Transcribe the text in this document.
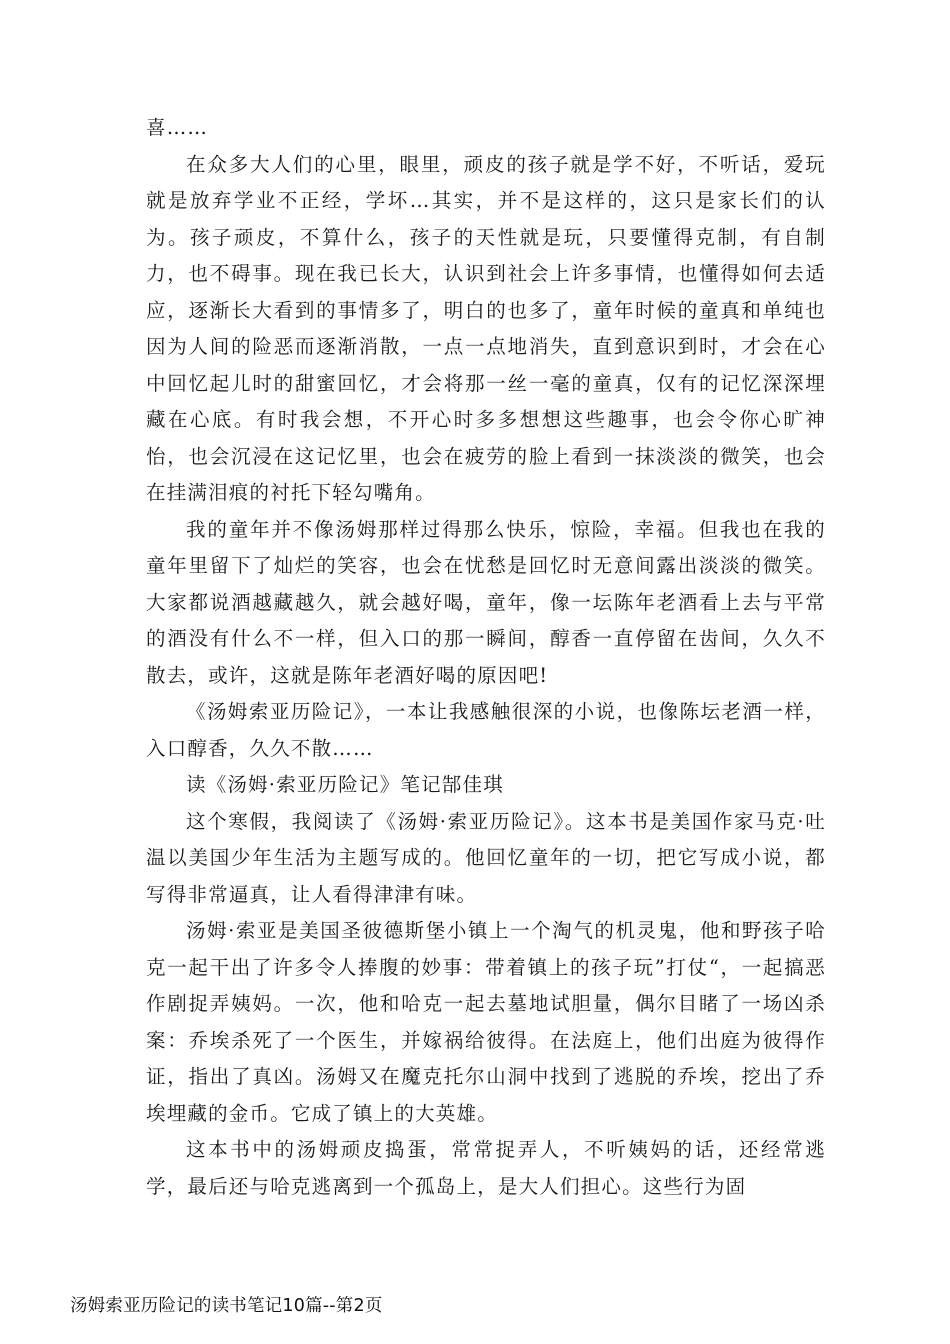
喜……

在众多大人们的心里，眼里，顽皮的孩子就是学不好，不听话，爱玩就是放弃学业不正经，学坏…其实，并不是这样的，这只是家长们的认为。孩子顽皮，不算什么，孩子的天性就是玩，只要懂得克制，有自制力，也不碍事。现在我已长大，认识到社会上许多事情，也懂得如何去适应，逐渐长大看到的事情多了，明白的也多了，童年时候的童真和单纯也因为人间的险恶而逐渐消散，一点一点地消失，直到意识到时，才会在心中回忆起儿时的甜蜜回忆，才会将那一丝一毫的童真，仅有的记忆深深埋藏在心底。有时我会想，不开心时多多想想这些趣事，也会令你心旷神怡，也会沉浸在这记忆里，也会在疲劳的脸上看到一抹淡淡的微笑，也会在挂满泪痕的衬托下轻勾嘴角。

我的童年并不像汤姆那样过得那么快乐，惊险，幸福。但我也在我的童年里留下了灿烂的笑容，也会在忧愁是回忆时无意间露出淡淡的微笑。大家都说酒越藏越久，就会越好喝，童年，像一坛陈年老酒看上去与平常的酒没有什么不一样，但入口的那一瞬间，醇香一直停留在齿间，久久不散去，或许，这就是陈年老酒好喝的原因吧!

《汤姆索亚历险记》，一本让我感触很深的小说，也像陈坛老酒一样，入口醇香，久久不散……

读《汤姆·索亚历险记》笔记郜佳琪

这个寒假，我阅读了《汤姆·索亚历险记》。这本书是美国作家马克·吐温以美国少年生活为主题写成的。他回忆童年的一切，把它写成小说，都写得非常逼真，让人看得津津有味。

汤姆·索亚是美国圣彼德斯堡小镇上一个淘气的机灵鬼，他和野孩子哈克一起干出了许多令人捧腹的妙事：带着镇上的孩子玩”打仗“，一起搞恶作剧捉弄姨妈。一次，他和哈克一起去墓地试胆量，偶尔目睹了一场凶杀案：乔埃杀死了一个医生，并嫁祸给彼得。在法庭上，他们出庭为彼得作证，指出了真凶。汤姆又在魔克托尔山洞中找到了逃脱的乔埃，挖出了乔埃埋藏的金币。它成了镇上的大英雄。

这本书中的汤姆顽皮捣蛋，常常捉弄人，不听姨妈的话，还经常逃学，最后还与哈克逃离到一个孤岛上，是大人们担心。这些行为固

汤姆索亚历险记的读书笔记10篇--第2页
